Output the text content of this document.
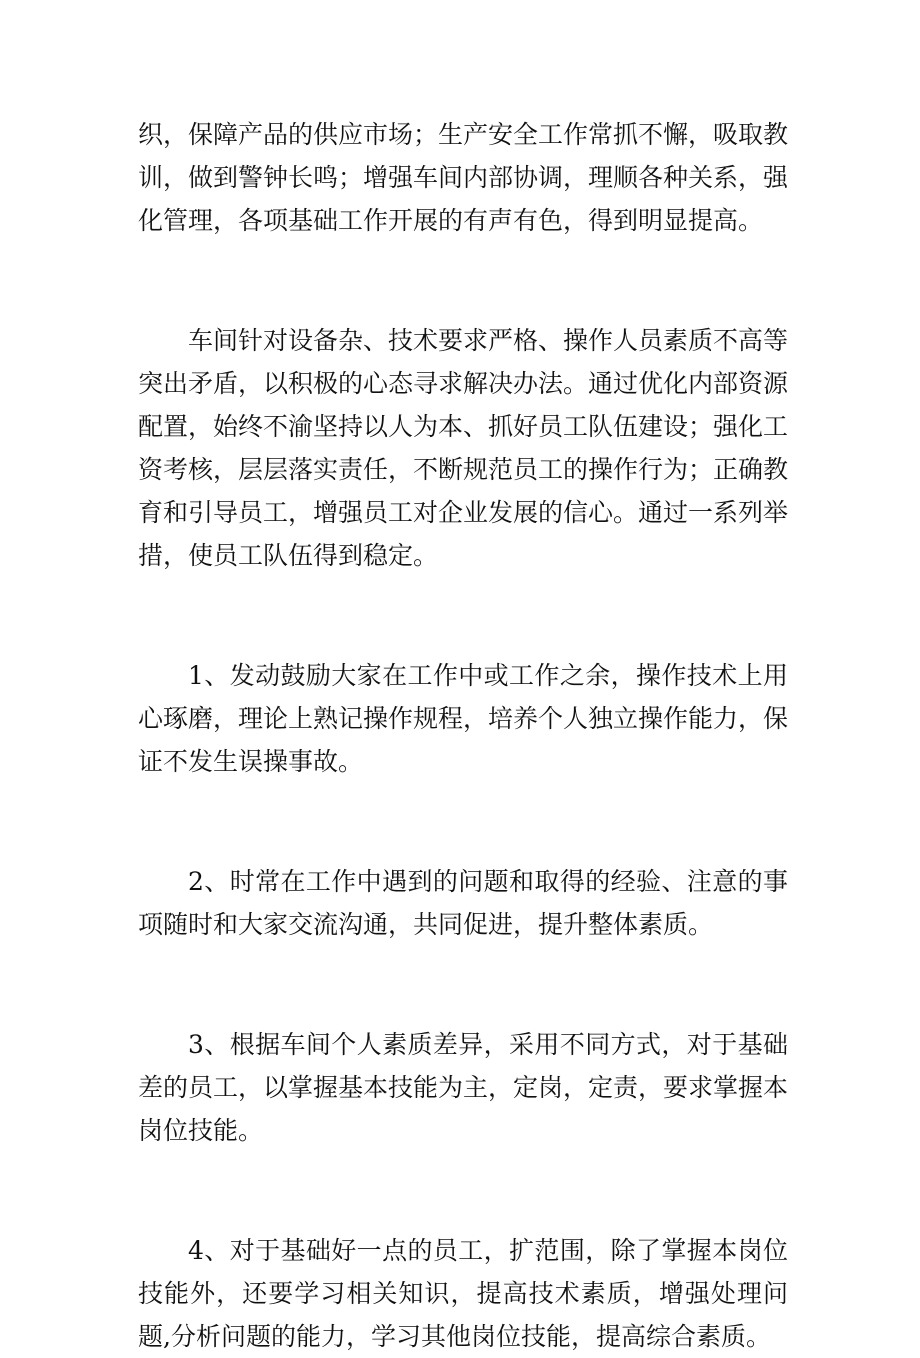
织，保障产品的供应市场；生产安全工作常抓不懈，吸取教训，做到警钟长鸣；增强车间内部协调，理顺各种关系，强化管理，各项基础工作开展的有声有色，得到明显提高。

车间针对设备杂、技术要求严格、操作人员素质不高等突出矛盾，以积极的心态寻求解决办法。通过优化内部资源配置，始终不渝坚持以人为本、抓好员工队伍建设；强化工资考核，层层落实责任，不断规范员工的操作行为；正确教育和引导员工，增强员工对企业发展的信心。通过一系列举措，使员工队伍得到稳定。

1、发动鼓励大家在工作中或工作之余，操作技术上用心琢磨，理论上熟记操作规程，培养个人独立操作能力，保证不发生误操事故。

2、时常在工作中遇到的问题和取得的经验、注意的事项随时和大家交流沟通，共同促进，提升整体素质。

3、根据车间个人素质差异，采用不同方式，对于基础差的员工，以掌握基本技能为主，定岗，定责，要求掌握本岗位技能。

4、对于基础好一点的员工，扩范围，除了掌握本岗位技能外，还要学习相关知识，提高技术素质，增强处理问题,分析问题的能力，学习其他岗位技能，提高综合素质。
